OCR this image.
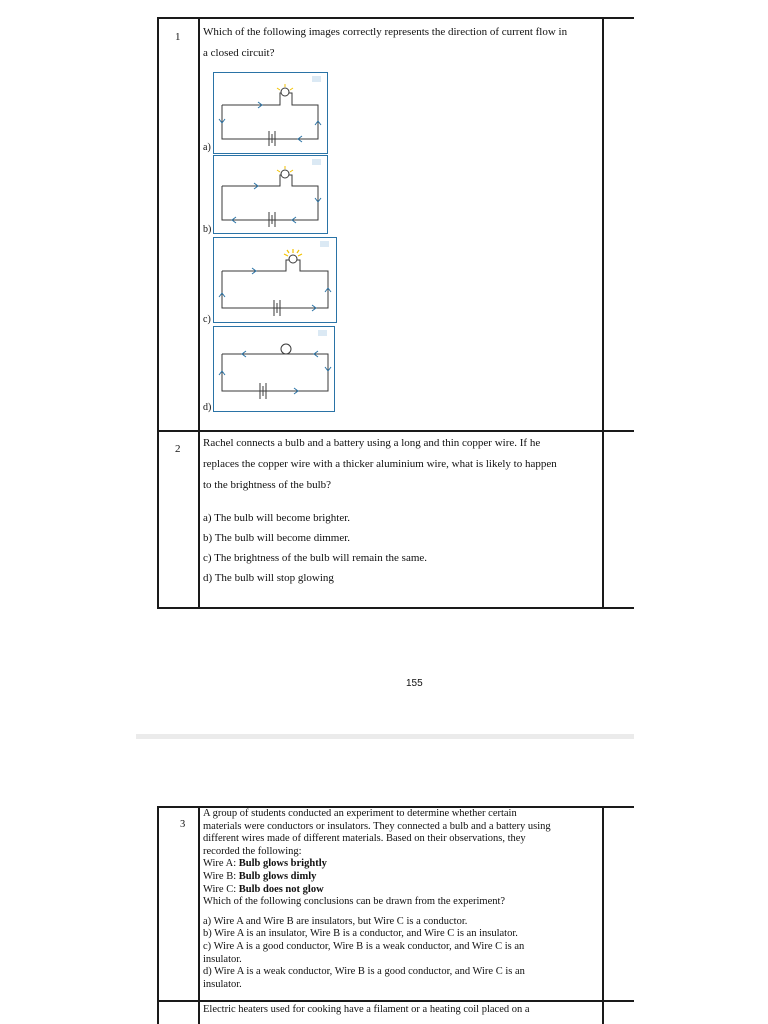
1 Which of the following images correctly represents the direction of current flow in
a closed circuit?
a)
b)
c)
d)
2 Rachel connects a bulb and a battery using a long and thin copper wire. If he
replaces the copper wire with a thicker aluminium wire, what is likely to happen
to the brightness of the bulb?
a) The bulb will become brighter.
b) The bulb will become dimmer.
c) The brightness of the bulb will remain the same.
d) The bulb will stop glowing
155
3
A group of students conducted an experiment to determine whether certain
materials were conductors or insulators. They connected a bulb and a battery using
different wires made of different materials. Based on their observations, they
recorded the following:
Wire A: Bulb glows brightly
Wire B: Bulb glows dimly
Wire C: Bulb does not glow
Which of the following conclusions can be drawn from the experiment?
a) Wire A and Wire B are insulators, but Wire C is a conductor.
b) Wire A is an insulator, Wire B is a conductor, and Wire C is an insulator.
c) Wire A is a good conductor, Wire B is a weak conductor, and Wire C is an
insulator.
d) Wire A is a weak conductor, Wire B is a good conductor, and Wire C is an
insulator.
Electric heaters used for cooking have a filament or a heating coil placed on a
